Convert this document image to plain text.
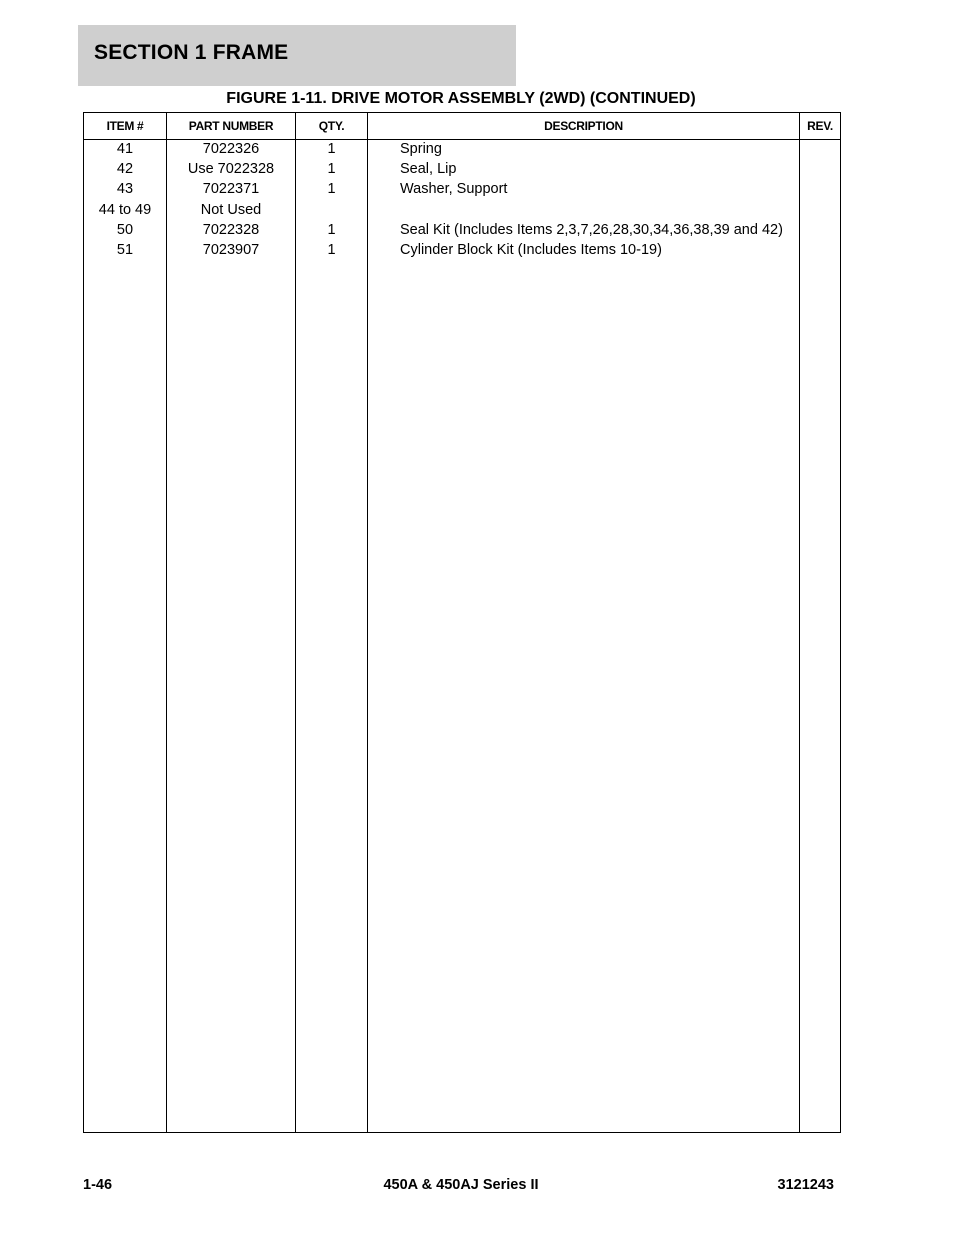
SECTION 1 FRAME
FIGURE 1-11. DRIVE MOTOR ASSEMBLY (2WD) (CONTINUED)
ITEM #	PART NUMBER	QTY.	DESCRIPTION	REV.
41	7022326	1	Spring
42	Use 7022328	1	Seal, Lip
43	7022371	1	Washer, Support
44 to 49	Not Used
50	7022328	1	Seal Kit (Includes Items 2,3,7,26,28,30,34,36,38,39 and 42)
51	7023907	1	Cylinder Block Kit (Includes Items 10-19)
1-46	450A & 450AJ Series II	3121243
